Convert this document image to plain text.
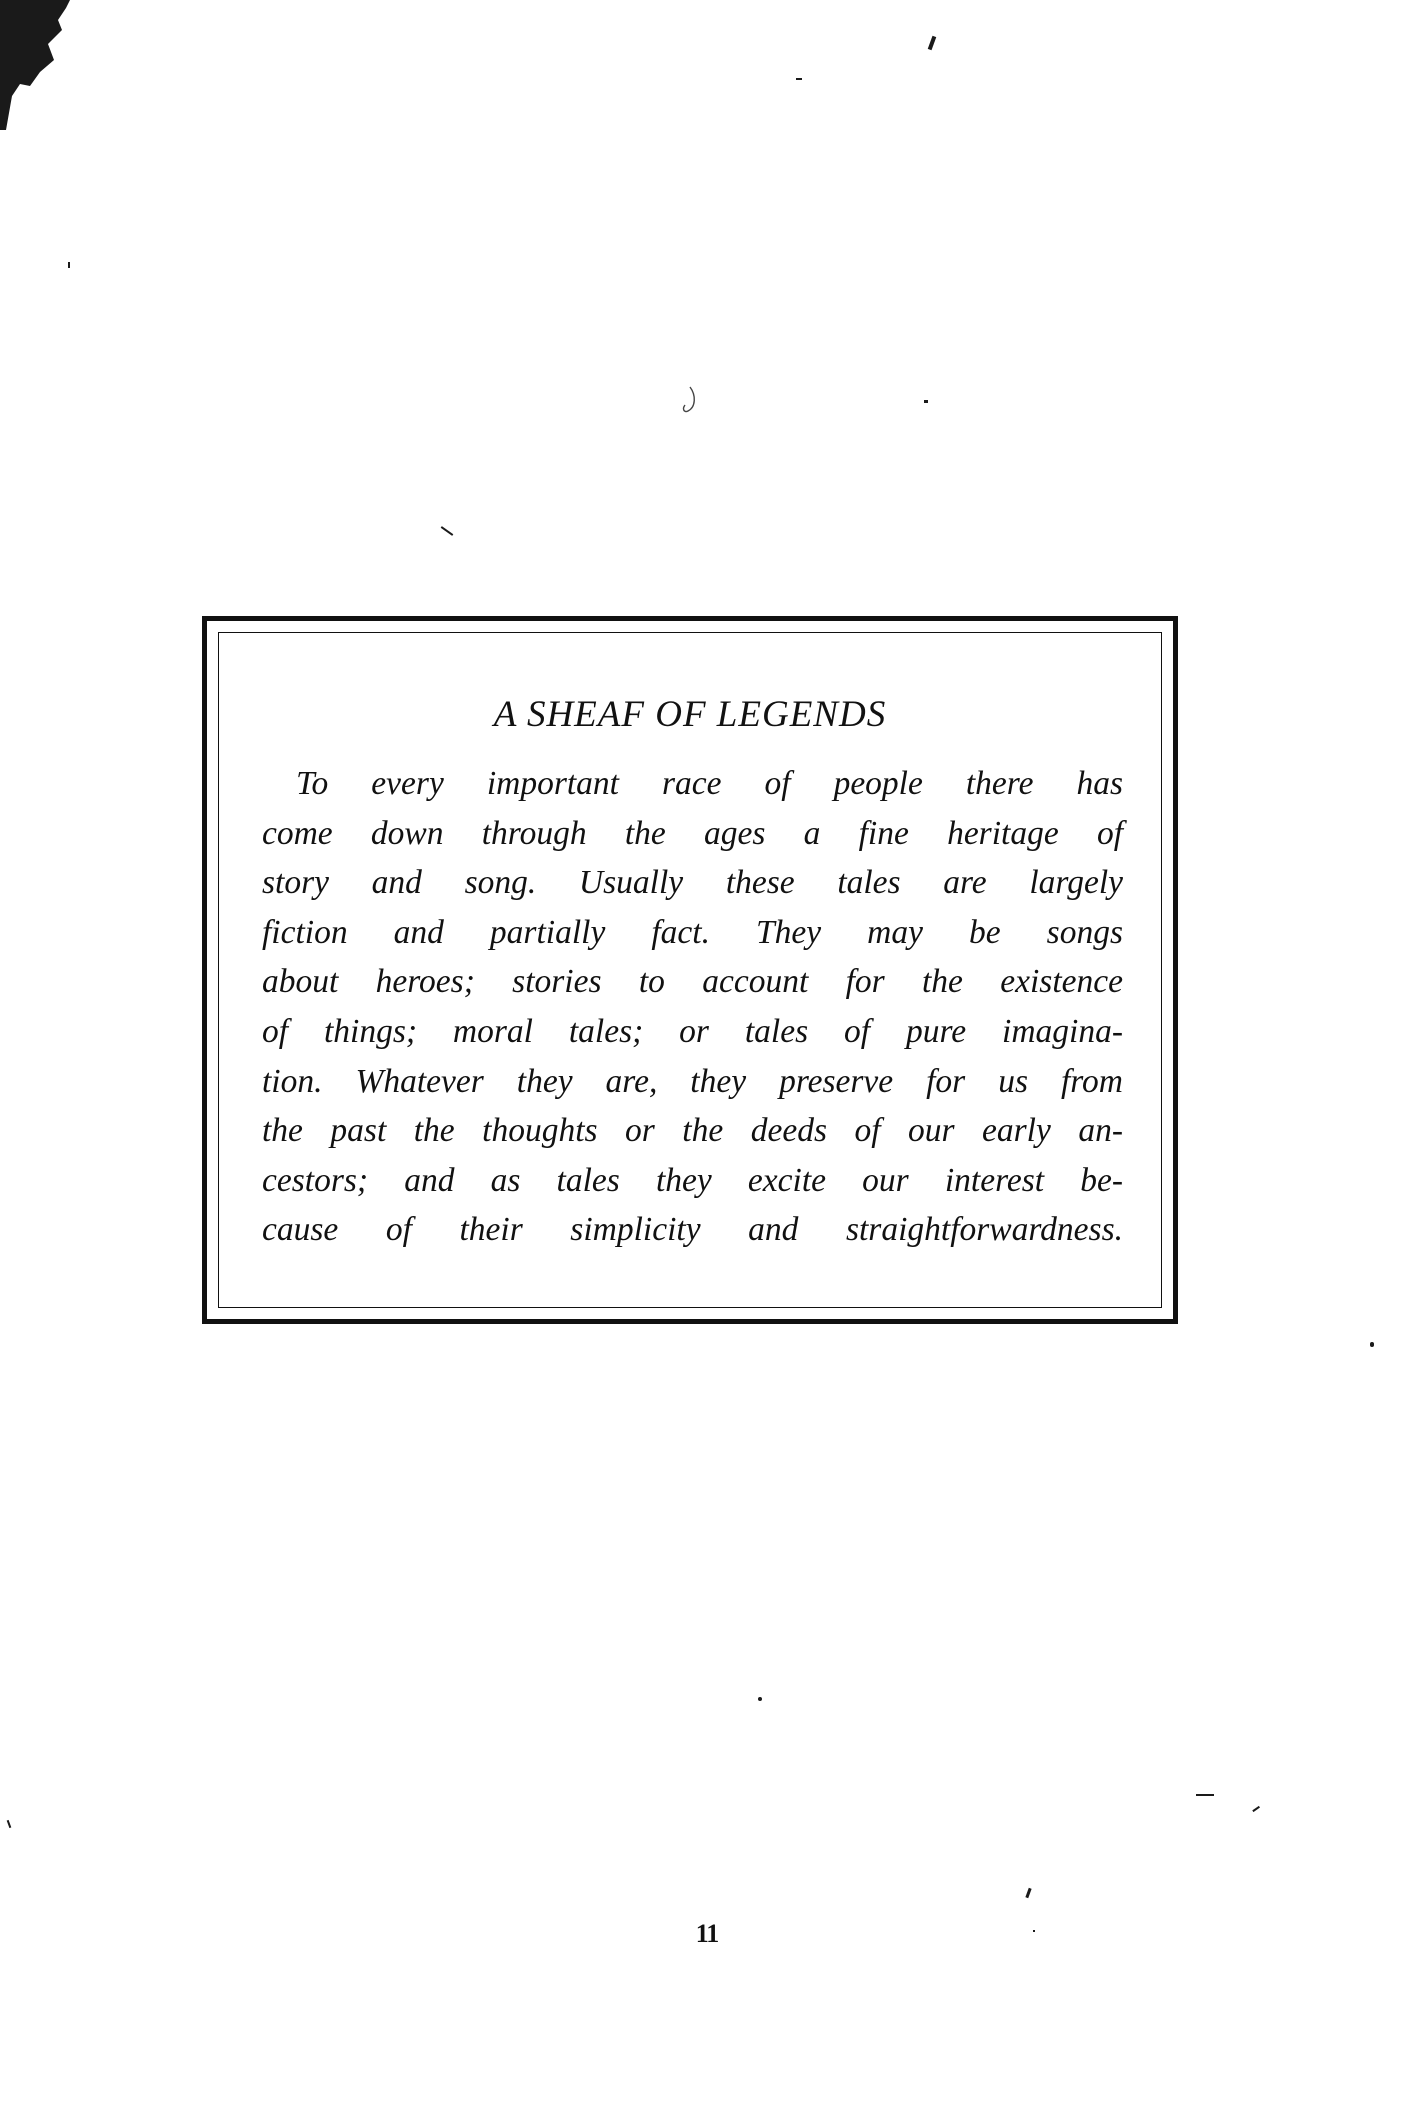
A SHEAF OF LEGENDS
To every important race of people there has
come down through the ages a fine heritage of
story and song. Usually these tales are largely
fiction and partially fact. They may be songs
about heroes; stories to account for the existence
of things; moral tales; or tales of pure imagina-
tion. Whatever they are, they preserve for us from
the past the thoughts or the deeds of our early an-
cestors; and as tales they excite our interest be-
cause of their simplicity and straightforwardness.
11
